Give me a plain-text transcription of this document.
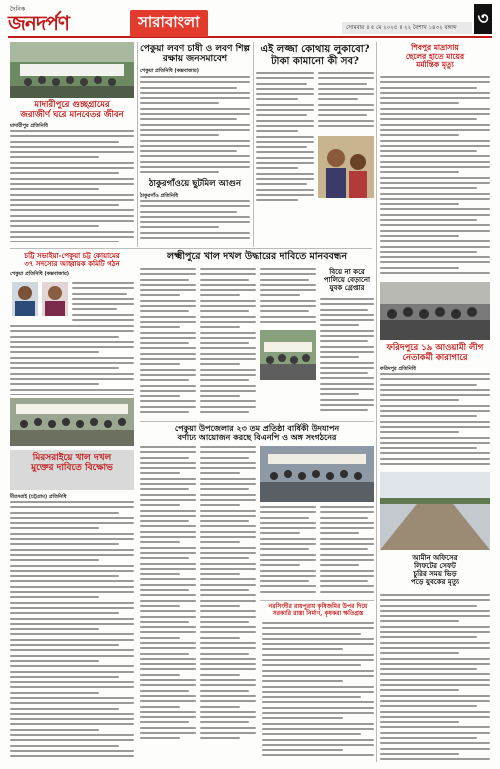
দৈনিক
জনদর্পণ	সারাবাংলা	সোমবার ॥ ৫ মে ২০২৫ ॥ ২২ বৈশাখ ১৪৩২ বঙ্গাব্দ	৩
পেকুয়া লবণ চাষী ও লবণ শিল্প
রক্ষায় জনসমাবেশ
পেকুয়া প্রতিনিধি (কক্সবাজার)
মাদারীপুরে গুচ্ছগ্রামের
জরাজীর্ণ ঘরে মানবেতর জীবন
মাদারীপুর প্রতিনিধি
ঠাকুরগাঁওয়ে ছুটমিল আগুন
ঠাকুরগাঁও প্রতিনিধি
এই লজ্জা কোথায় লুকাবো?
টাকা কামানো কী সব?
শিবপুর মাদ্রাসায়
ছেলের হাতে মায়ের
মর্মান্তিক মৃত্যু
চট্টি সভাইয়া-পেকুয়া চট্ট কোয়ামের
৩৭ সদস্যের আহ্বায়ক কমিটি গঠন
পেকুয়া প্রতিনিধি (কক্সবাজার)
লক্ষ্মীপুরে খাল দখল উদ্ধারের দাবিতে মানববন্ধন
বিয়ে না করে
পালিয়ে বেড়ানো
যুবক গ্রেপ্তার
ফরিদপুরে ১৯ আওয়ামী লীগ
নেতাকর্মী কারাগারে
ফরিদপুর প্রতিনিধি
পেকুয়া উপজেলার ২৩ তম প্রতিষ্ঠা বার্ষিকী উদযাপন
বর্ণাঢ্য আয়োজন করছে বিএনপি ও অঙ্গ সংগঠনের
মিরসরাইয়ে খাল দখল
মুক্তের দাবিতে বিক্ষোভ
মীরসরাই (চট্টগ্রাম) প্রতিনিধি
আমীন অফিসের
লিফটের সেফট
চুরির সময় ভিড়
পড়ে যুবকের মৃত্যু
নরসিংদীর রায়পুরায় কৃষিজমির উপর দিয়ে
সরকারি রাস্তা নির্মাণ, কৃষকরা ক্ষতিগ্রস্ত
